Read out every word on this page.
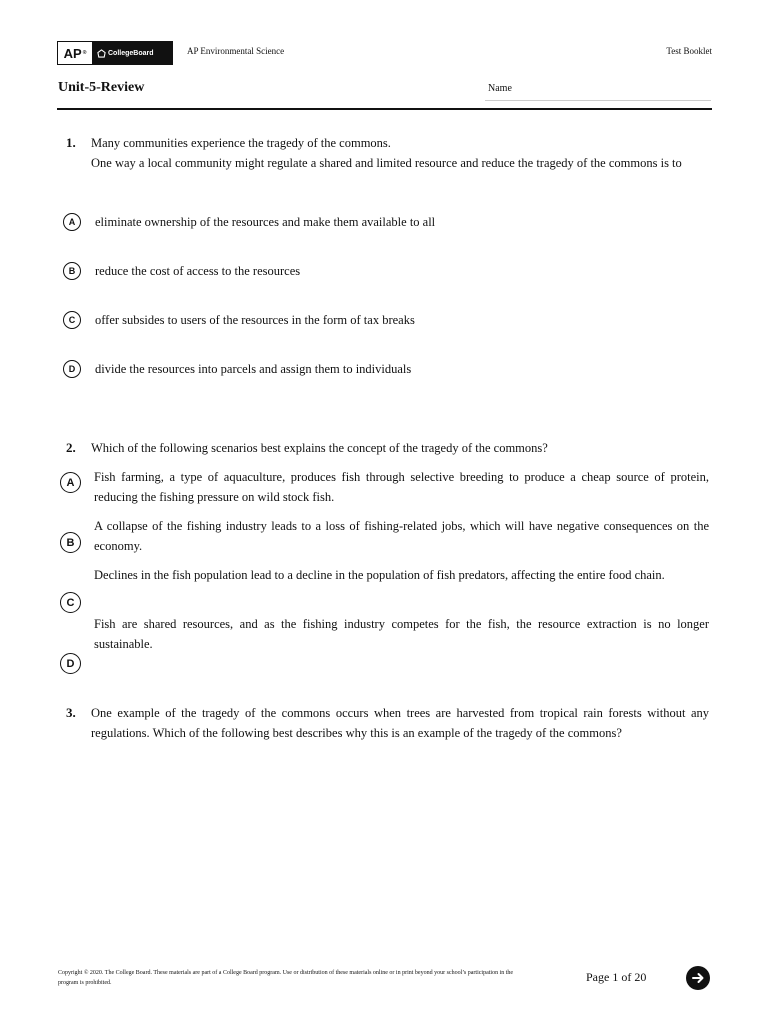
AP ®	CollegeBoard	AP Environmental Science	Test Booklet
Unit-5-Review	Name
1. Many communities experience the tragedy of the commons.
One way a local community might regulate a shared and limited resource and reduce the tragedy of the commons is to
A	eliminate ownership of the resources and make them available to all
B	reduce the cost of access to the resources
C	offer subsides to users of the resources in the form of tax breaks
D	divide the resources into parcels and assign them to individuals
2. Which of the following scenarios best explains the concept of the tragedy of the commons?
A	Fish farming, a type of aquaculture, produces fish through selective breeding to produce a cheap source of protein, reducing the fishing pressure on wild stock fish.
B
A collapse of the fishing industry leads to a loss of fishing-related jobs, which will have negative consequences on the economy.
C
Declines in the fish population lead to a decline in the population of fish predators, affecting the entire food chain.
D
Fish are shared resources, and as the fishing industry competes for the fish, the resource extraction is no longer sustainable.
3. One example of the tragedy of the commons occurs when trees are harvested from tropical rain forests without any regulations. Which of the following best describes why this is an example of the tragedy of the commons?
Copyright © 2020. The College Board. These materials are part of a College Board program. Use or distribution of these materials online or in print beyond your school’s participation in the program is prohibited.	Page 1 of 20
